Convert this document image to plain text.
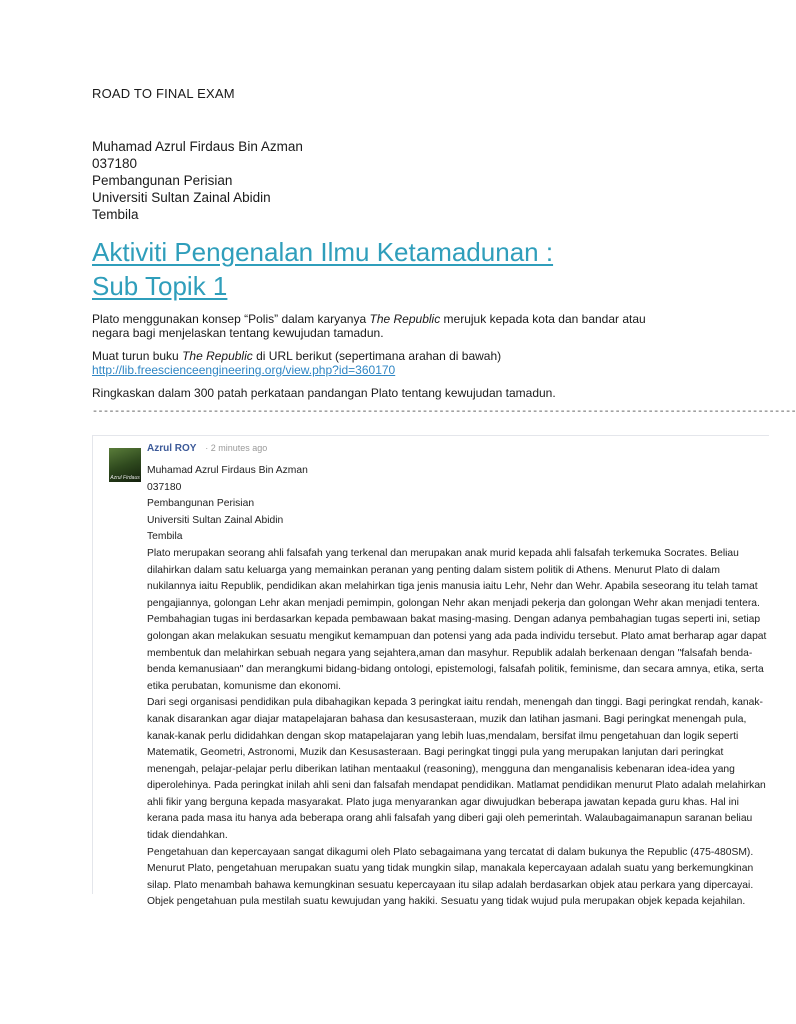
ROAD TO FINAL EXAM
Muhamad Azrul Firdaus Bin Azman
037180
Pembangunan Perisian
Universiti Sultan Zainal Abidin
Tembila
Aktiviti Pengenalan Ilmu Ketamadunan :
Sub Topik 1

Plato menggunakan konsep “Polis” dalam karyanya The Republic merujuk kepada kota dan bandar atau negara bagi menjelaskan tentang kewujudan tamadun.

Muat turun buku The Republic di URL berikut (sepertimana arahan di bawah) http://lib.freescienceengineering.org/view.php?id=360170

Ringkaskan dalam 300 patah perkataan pandangan Plato tentang kewujudan tamadun.

--------------------------------------------------------------------------------------------------------------------------------
Azrul Firdaus
Azrul ROY · 2 minutes ago

Muhamad Azrul Firdaus Bin Azman

037180

Pembangunan Perisian

Universiti Sultan Zainal Abidin

Tembila

Plato merupakan seorang ahli falsafah yang terkenal dan merupakan anak murid kepada ahli falsafah terkemuka Socrates. Beliau dilahirkan dalam satu keluarga yang memainkan peranan yang penting dalam sistem politik di Athens. Menurut Plato di dalam nukilannya iaitu Republik, pendidikan akan melahirkan tiga jenis manusia iaitu Lehr, Nehr dan Wehr. Apabila seseorang itu telah tamat pengajiannya, golongan Lehr akan menjadi pemimpin, golongan Nehr akan menjadi pekerja dan golongan Wehr akan menjadi tentera. Pembahagian tugas ini berdasarkan kepada pembawaan bakat masing-masing. Dengan adanya pembahagian tugas seperti ini, setiap golongan akan melakukan sesuatu mengikut kemampuan dan potensi yang ada pada individu tersebut. Plato amat berharap agar dapat membentuk dan melahirkan sebuah negara yang sejahtera,aman dan masyhur. Republik adalah berkenaan dengan "falsafah benda-benda kemanusiaan" dan merangkumi bidang-bidang ontologi, epistemologi, falsafah politik, feminisme, dan secara amnya, etika, serta etika perubatan, komunisme dan ekonomi.

Dari segi organisasi pendidikan pula dibahagikan kepada 3 peringkat iaitu rendah, menengah dan tinggi. Bagi peringkat rendah, kanak-kanak disarankan agar diajar matapelajaran bahasa dan kesusasteraan, muzik dan latihan jasmani. Bagi peringkat menengah pula, kanak-kanak perlu dididahkan dengan skop matapelajaran yang lebih luas,mendalam, bersifat ilmu pengetahuan dan logik seperti Matematik, Geometri, Astronomi, Muzik dan Kesusasteraan. Bagi peringkat tinggi pula yang merupakan lanjutan dari peringkat menengah, pelajar-pelajar perlu diberikan latihan mentaakul (reasoning), mengguna dan menganalisis kebenaran idea-idea yang diperolehinya. Pada peringkat inilah ahli seni dan falsafah mendapat pendidikan. Matlamat pendidikan menurut Plato adalah melahirkan ahli fikir yang berguna kepada masyarakat. Plato juga menyarankan agar diwujudkan beberapa jawatan kepada guru khas. Hal ini kerana pada masa itu hanya ada beberapa orang ahli falsafah yang diberi gaji oleh pemerintah. Walaubagaimanapun saranan beliau tidak diendahkan.

Pengetahuan dan kepercayaan sangat dikagumi oleh Plato sebagaimana yang tercatat di dalam bukunya the Republic (475-480SM). Menurut Plato, pengetahuan merupakan suatu yang tidak mungkin silap, manakala kepercayaan adalah suatu yang berkemungkinan silap. Plato menambah bahawa kemungkinan sesuatu kepercayaan itu silap adalah berdasarkan objek atau perkara yang dipercayai. Objek pengetahuan pula mestilah suatu kewujudan yang hakiki. Sesuatu yang tidak wujud pula merupakan objek kepada kejahilan.
